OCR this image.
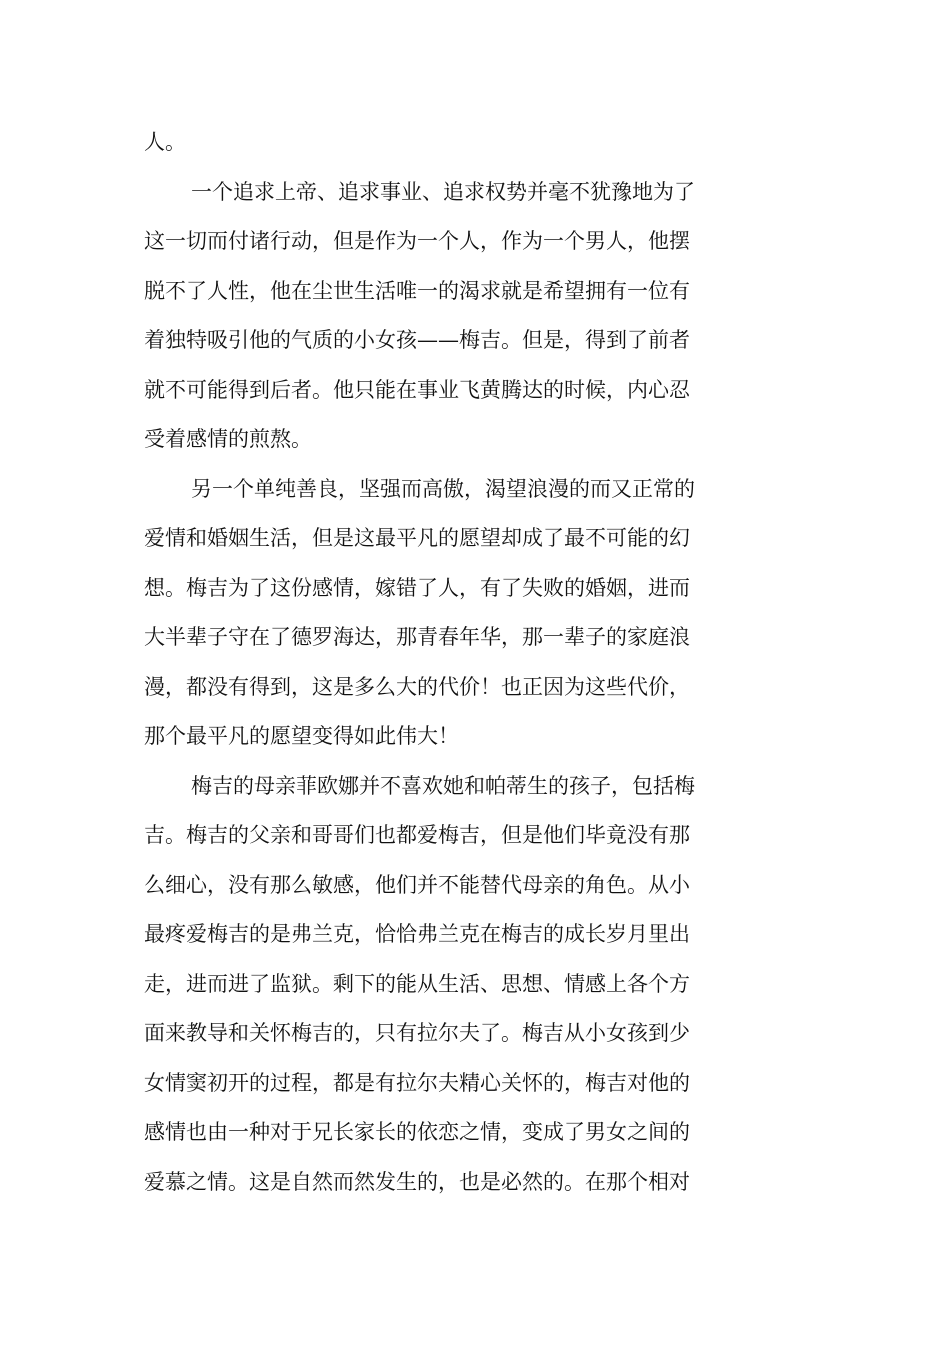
人。
一个追求上帝、追求事业、追求权势并毫不犹豫地为了
这一切而付诸行动，但是作为一个人，作为一个男人，他摆
脱不了人性，他在尘世生活唯一的渴求就是希望拥有一位有
着独特吸引他的气质的小女孩——梅吉。但是，得到了前者
就不可能得到后者。他只能在事业飞黄腾达的时候，内心忍
受着感情的煎熬。
另一个单纯善良，坚强而高傲，渴望浪漫的而又正常的
爱情和婚姻生活，但是这最平凡的愿望却成了最不可能的幻
想。梅吉为了这份感情，嫁错了人，有了失败的婚姻，进而
大半辈子守在了德罗海达，那青春年华，那一辈子的家庭浪
漫，都没有得到，这是多么大的代价！也正因为这些代价，
那个最平凡的愿望变得如此伟大！
梅吉的母亲菲欧娜并不喜欢她和帕蒂生的孩子，包括梅
吉。梅吉的父亲和哥哥们也都爱梅吉，但是他们毕竟没有那
么细心，没有那么敏感，他们并不能替代母亲的角色。从小
最疼爱梅吉的是弗兰克，恰恰弗兰克在梅吉的成长岁月里出
走，进而进了监狱。剩下的能从生活、思想、情感上各个方
面来教导和关怀梅吉的，只有拉尔夫了。梅吉从小女孩到少
女情窦初开的过程，都是有拉尔夫精心关怀的，梅吉对他的
感情也由一种对于兄长家长的依恋之情，变成了男女之间的
爱慕之情。这是自然而然发生的，也是必然的。在那个相对
